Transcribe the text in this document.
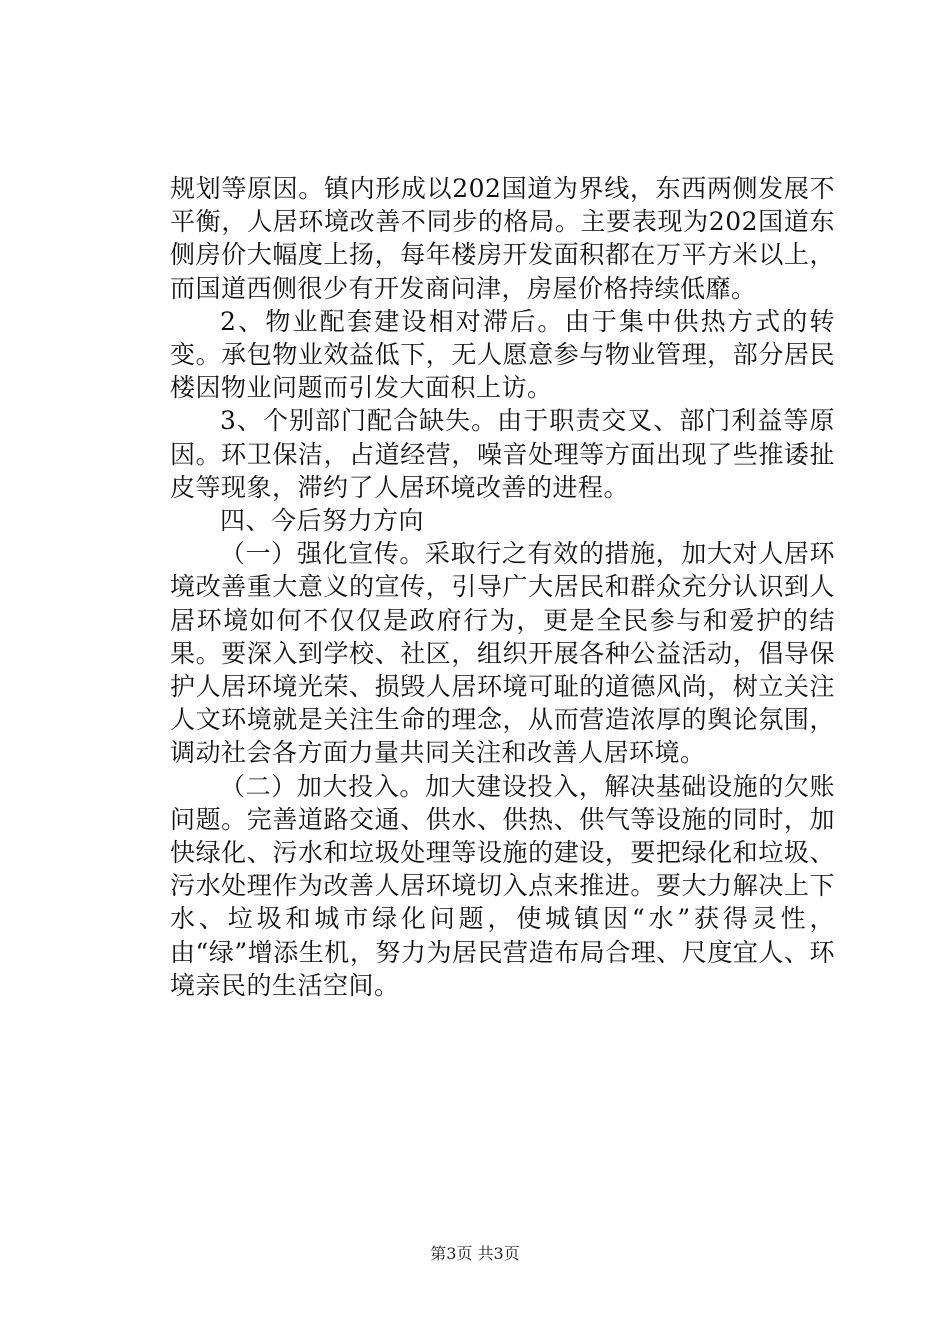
规划等原因。镇内形成以202国道为界线，东西两侧发展不平衡，人居环境改善不同步的格局。主要表现为202国道东侧房价大幅度上扬，每年楼房开发面积都在万平方米以上，而国道西侧很少有开发商问津，房屋价格持续低靡。

2、物业配套建设相对滞后。由于集中供热方式的转变。承包物业效益低下，无人愿意参与物业管理，部分居民楼因物业问题而引发大面积上访。

3、个别部门配合缺失。由于职责交叉、部门利益等原因。环卫保洁，占道经营，噪音处理等方面出现了些推诿扯皮等现象，滞约了人居环境改善的进程。

四、今后努力方向

（一）强化宣传。采取行之有效的措施，加大对人居环境改善重大意义的宣传，引导广大居民和群众充分认识到人居环境如何不仅仅是政府行为，更是全民参与和爱护的结果。要深入到学校、社区，组织开展各种公益活动，倡导保护人居环境光荣、损毁人居环境可耻的道德风尚，树立关注人文环境就是关注生命的理念，从而营造浓厚的舆论氛围，调动社会各方面力量共同关注和改善人居环境。

（二）加大投入。加大建设投入，解决基础设施的欠账问题。完善道路交通、供水、供热、供气等设施的同时，加快绿化、污水和垃圾处理等设施的建设，要把绿化和垃圾、污水处理作为改善人居环境切入点来推进。要大力解决上下水、垃圾和城市绿化问题，使城镇因“水”获得灵性，由“绿”增添生机，努力为居民营造布局合理、尺度宜人、环境亲民的生活空间。

第3页 共3页
